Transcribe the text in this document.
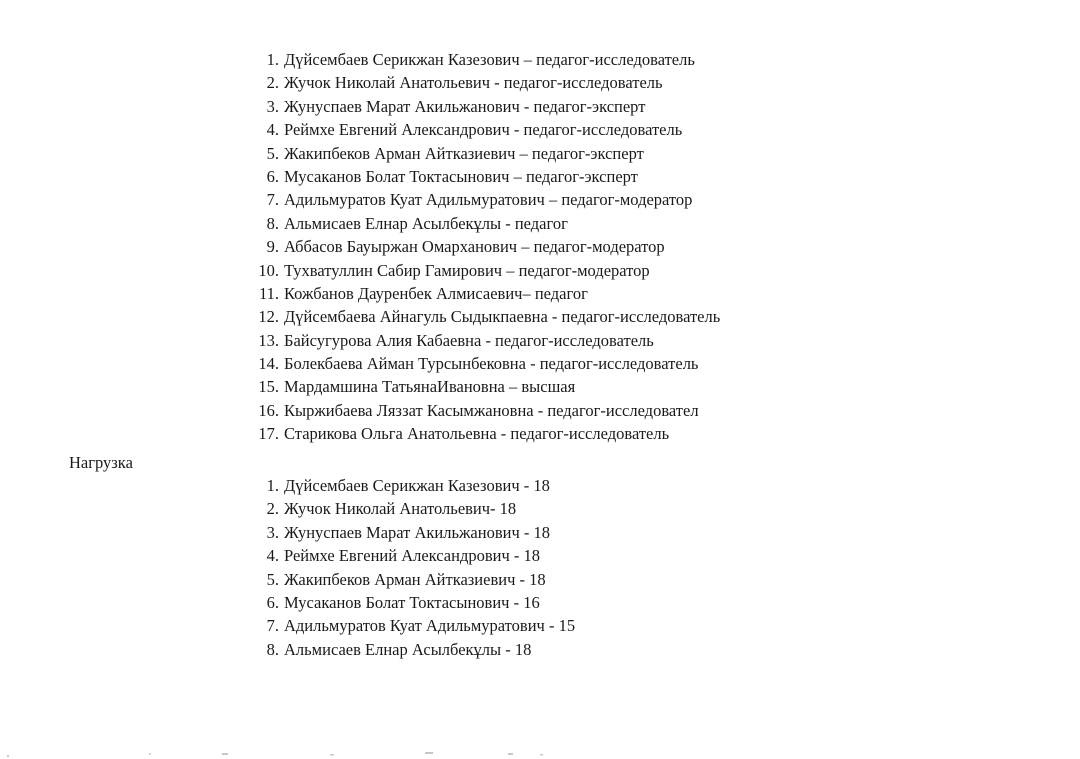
1. Дүйсембаев Серикжан Казезович – педагог-исследователь
2. Жучок Николай Анатольевич - педагог-исследователь
3. Жунуспаев Марат Акильжанович - педагог-эксперт
4. Реймхе Евгений Александрович - педагог-исследователь
5. Жакипбеков Арман Айтказиевич – педагог-эксперт
6. Мусаканов Болат Токтасынович – педагог-эксперт
7. Адильмуратов Куат Адильмуратович – педагог-модератор
8. Альмисаев Елнар Асылбекұлы - педагог
9. Аббасов Бауыржан Омарханович – педагог-модератор
10. Тухватуллин Сабир Гамирович – педагог-модератор
11. Кожбанов Дауренбек Алмисаевич– педагог
12. Дүйсембаева Айнагуль Сыдыкпаевна - педагог-исследователь
13. Байсугурова Алия Кабаевна - педагог-исследователь
14. Болекбаева Айман Турсынбековна - педагог-исследователь
15. Мардамшина ТатьянаИвановна – высшая
16. Кыржибаева Ляззат Касымжановна - педагог-исследовател
17. Старикова Ольга Анатольевна - педагог-исследователь
Нагрузка
1. Дүйсембаев Серикжан Казезович - 18
2. Жучок Николай Анатольевич- 18
3. Жунуспаев Марат Акильжанович - 18
4. Реймхе Евгений Александрович - 18
5. Жакипбеков Арман Айтказиевич - 18
6. Мусаканов Болат Токтасынович - 16
7. Адильмуратов Куат Адильмуратович - 15
8. Альмисаев Елнар Асылбекұлы - 18
